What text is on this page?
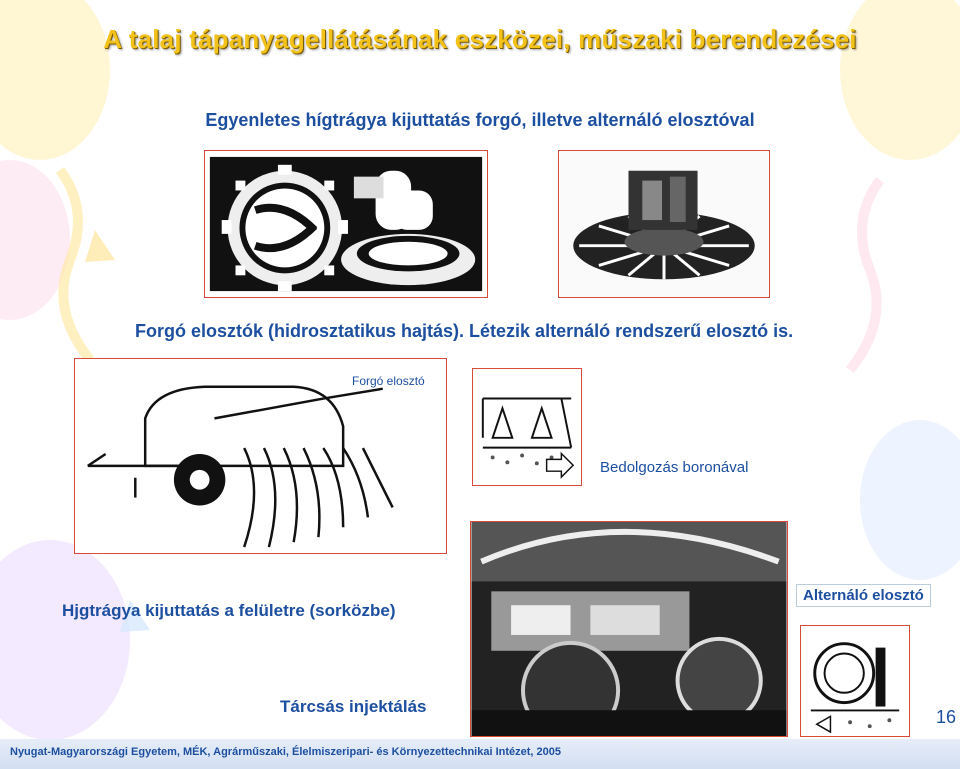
A talaj tápanyagellátásának eszközei, műszaki berendezései
Egyenletes hígtrágya kijuttatás forgó, illetve alternáló elosztóval
Forgó elosztók (hidrosztatikus hajtás). Létezik alternáló rendszerű elosztó is.
Forgó elosztó
Bedolgozás boronával
Alternáló elosztó
Hjgtrágya kijuttatás a felületre (sorközbe)
Tárcsás injektálás
16
Nyugat-Magyarországi Egyetem, MÉK, Agrárműszaki, Élelmiszeripari- és Környezettechnikai Intézet, 2005
